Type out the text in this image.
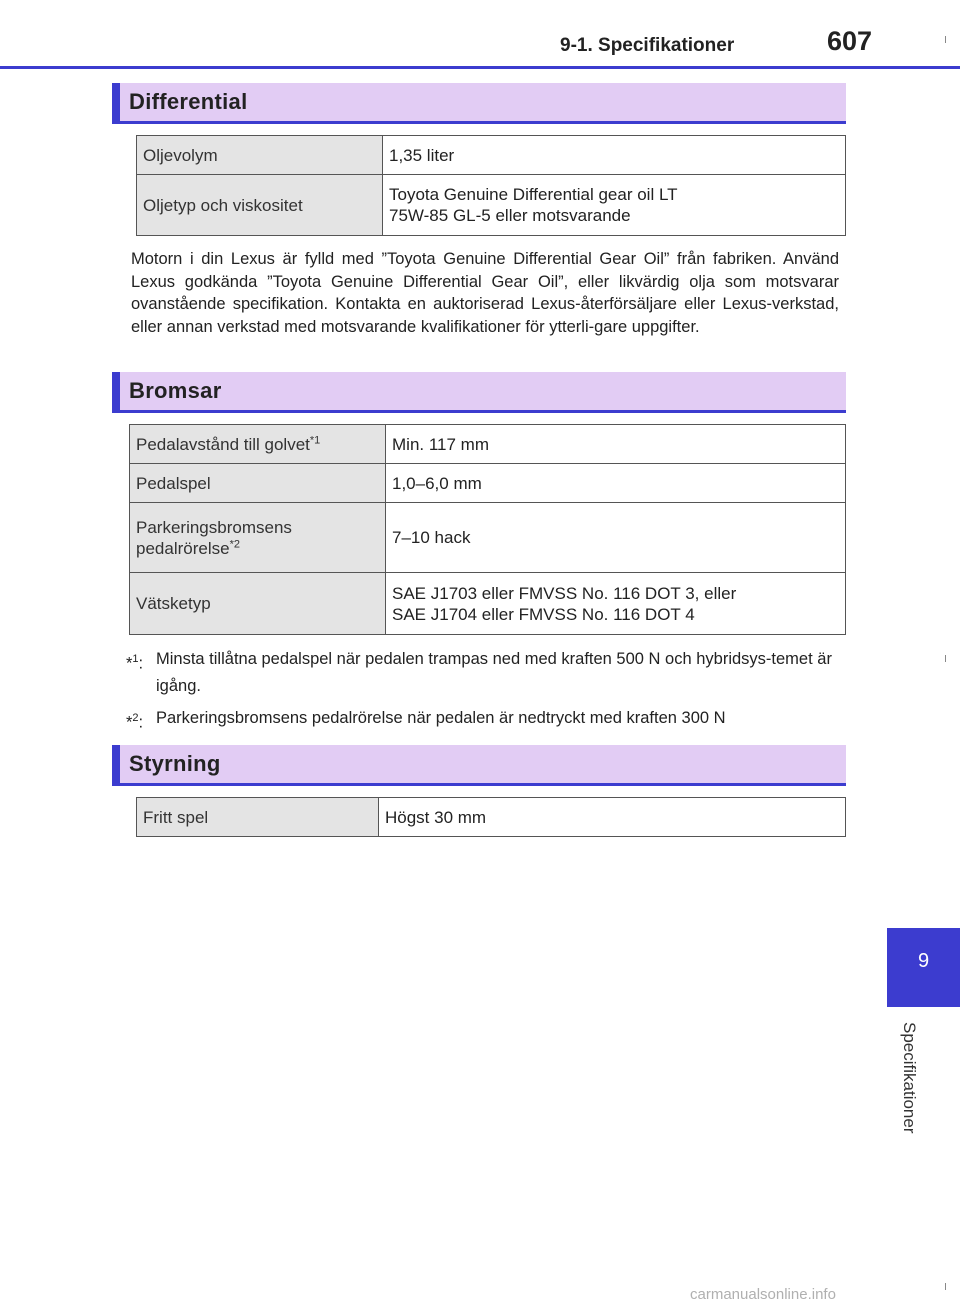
9-1. Specifikationer	607
Differential
Oljevolym	1,35 liter
Oljetyp och viskositet	Toyota Genuine Differential gear oil LT
75W-85 GL-5 eller motsvarande
Motorn i din Lexus är fylld med ”Toyota Genuine Differential Gear Oil” från fabriken. Använd Lexus godkända ”Toyota Genuine Differential Gear Oil”, eller likvärdig olja som motsvarar ovanstående specifikation. Kontakta en auktoriserad Lexus-återförsäljare eller Lexus-verkstad, eller annan verkstad med motsvarande kvalifikationer för ytterli-gare uppgifter.
Bromsar
Pedalavstånd till golvet$^{*1}$	Min. 117 mm
Pedalspel	1,0–6,0 mm
Parkeringsbromsens
pedalrörelse$^{*2}$	7–10 hack
Vätsketyp	SAE J1703 eller FMVSS No. 116 DOT 3, eller
SAE J1704 eller FMVSS No. 116 DOT 4
*$^1$: Minsta tillåtna pedalspel när pedalen trampas ned med kraften 500 N och hybridsys-temet är igång.
*$^2$: Parkeringsbromsens pedalrörelse när pedalen är nedtryckt med kraften 300 N
Styrning
Fritt spel	Högst 30 mm
9
Specifikationer
carmanualsonline.info
